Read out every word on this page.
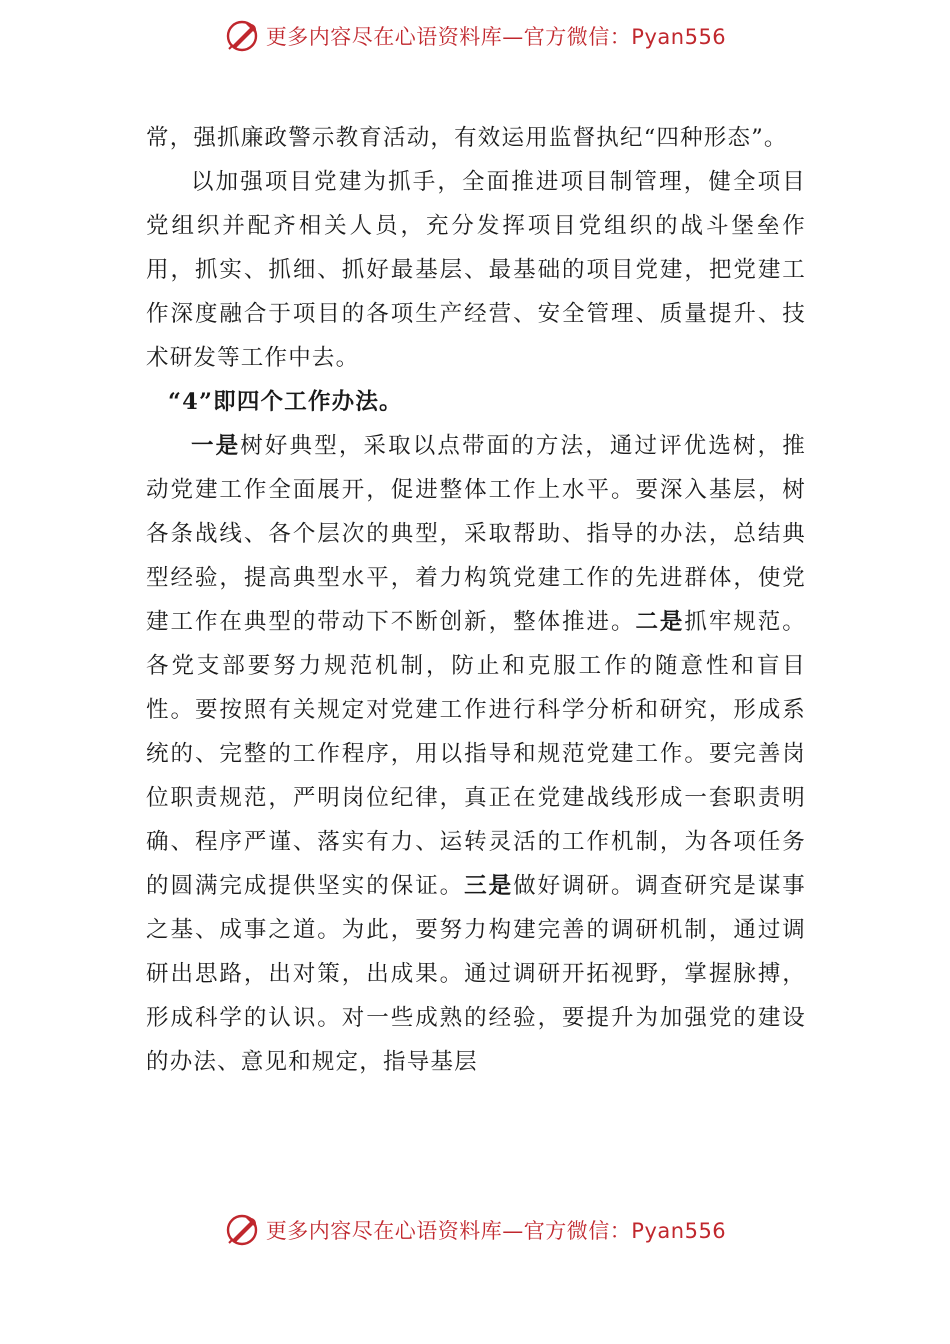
更多内容尽在心语资料库—官方微信：Pyan556

常，强抓廉政警示教育活动，有效运用监督执纪“四种形态”。

以加强项目党建为抓手，全面推进项目制管理，健全项目党组织并配齐相关人员，充分发挥项目党组织的战斗堡垒作用，抓实、抓细、抓好最基层、最基础的项目党建，把党建工作深度融合于项目的各项生产经营、安全管理、质量提升、技术研发等工作中去。

“4”即四个工作办法。

一是树好典型，采取以点带面的方法，通过评优选树，推动党建工作全面展开，促进整体工作上水平。要深入基层，树各条战线、各个层次的典型，采取帮助、指导的办法，总结典型经验，提高典型水平，着力构筑党建工作的先进群体，使党建工作在典型的带动下不断创新，整体推进。二是抓牢规范。各党支部要努力规范机制，防止和克服工作的随意性和盲目性。要按照有关规定对党建工作进行科学分析和研究，形成系统的、完整的工作程序，用以指导和规范党建工作。要完善岗位职责规范，严明岗位纪律，真正在党建战线形成一套职责明确、程序严谨、落实有力、运转灵活的工作机制，为各项任务的圆满完成提供坚实的保证。三是做好调研。调查研究是谋事之基、成事之道。为此，要努力构建完善的调研机制，通过调研出思路，出对策，出成果。通过调研开拓视野，掌握脉搏，形成科学的认识。对一些成熟的经验，要提升为加强党的建设的办法、意见和规定，指导基层

更多内容尽在心语资料库—官方微信：Pyan556
